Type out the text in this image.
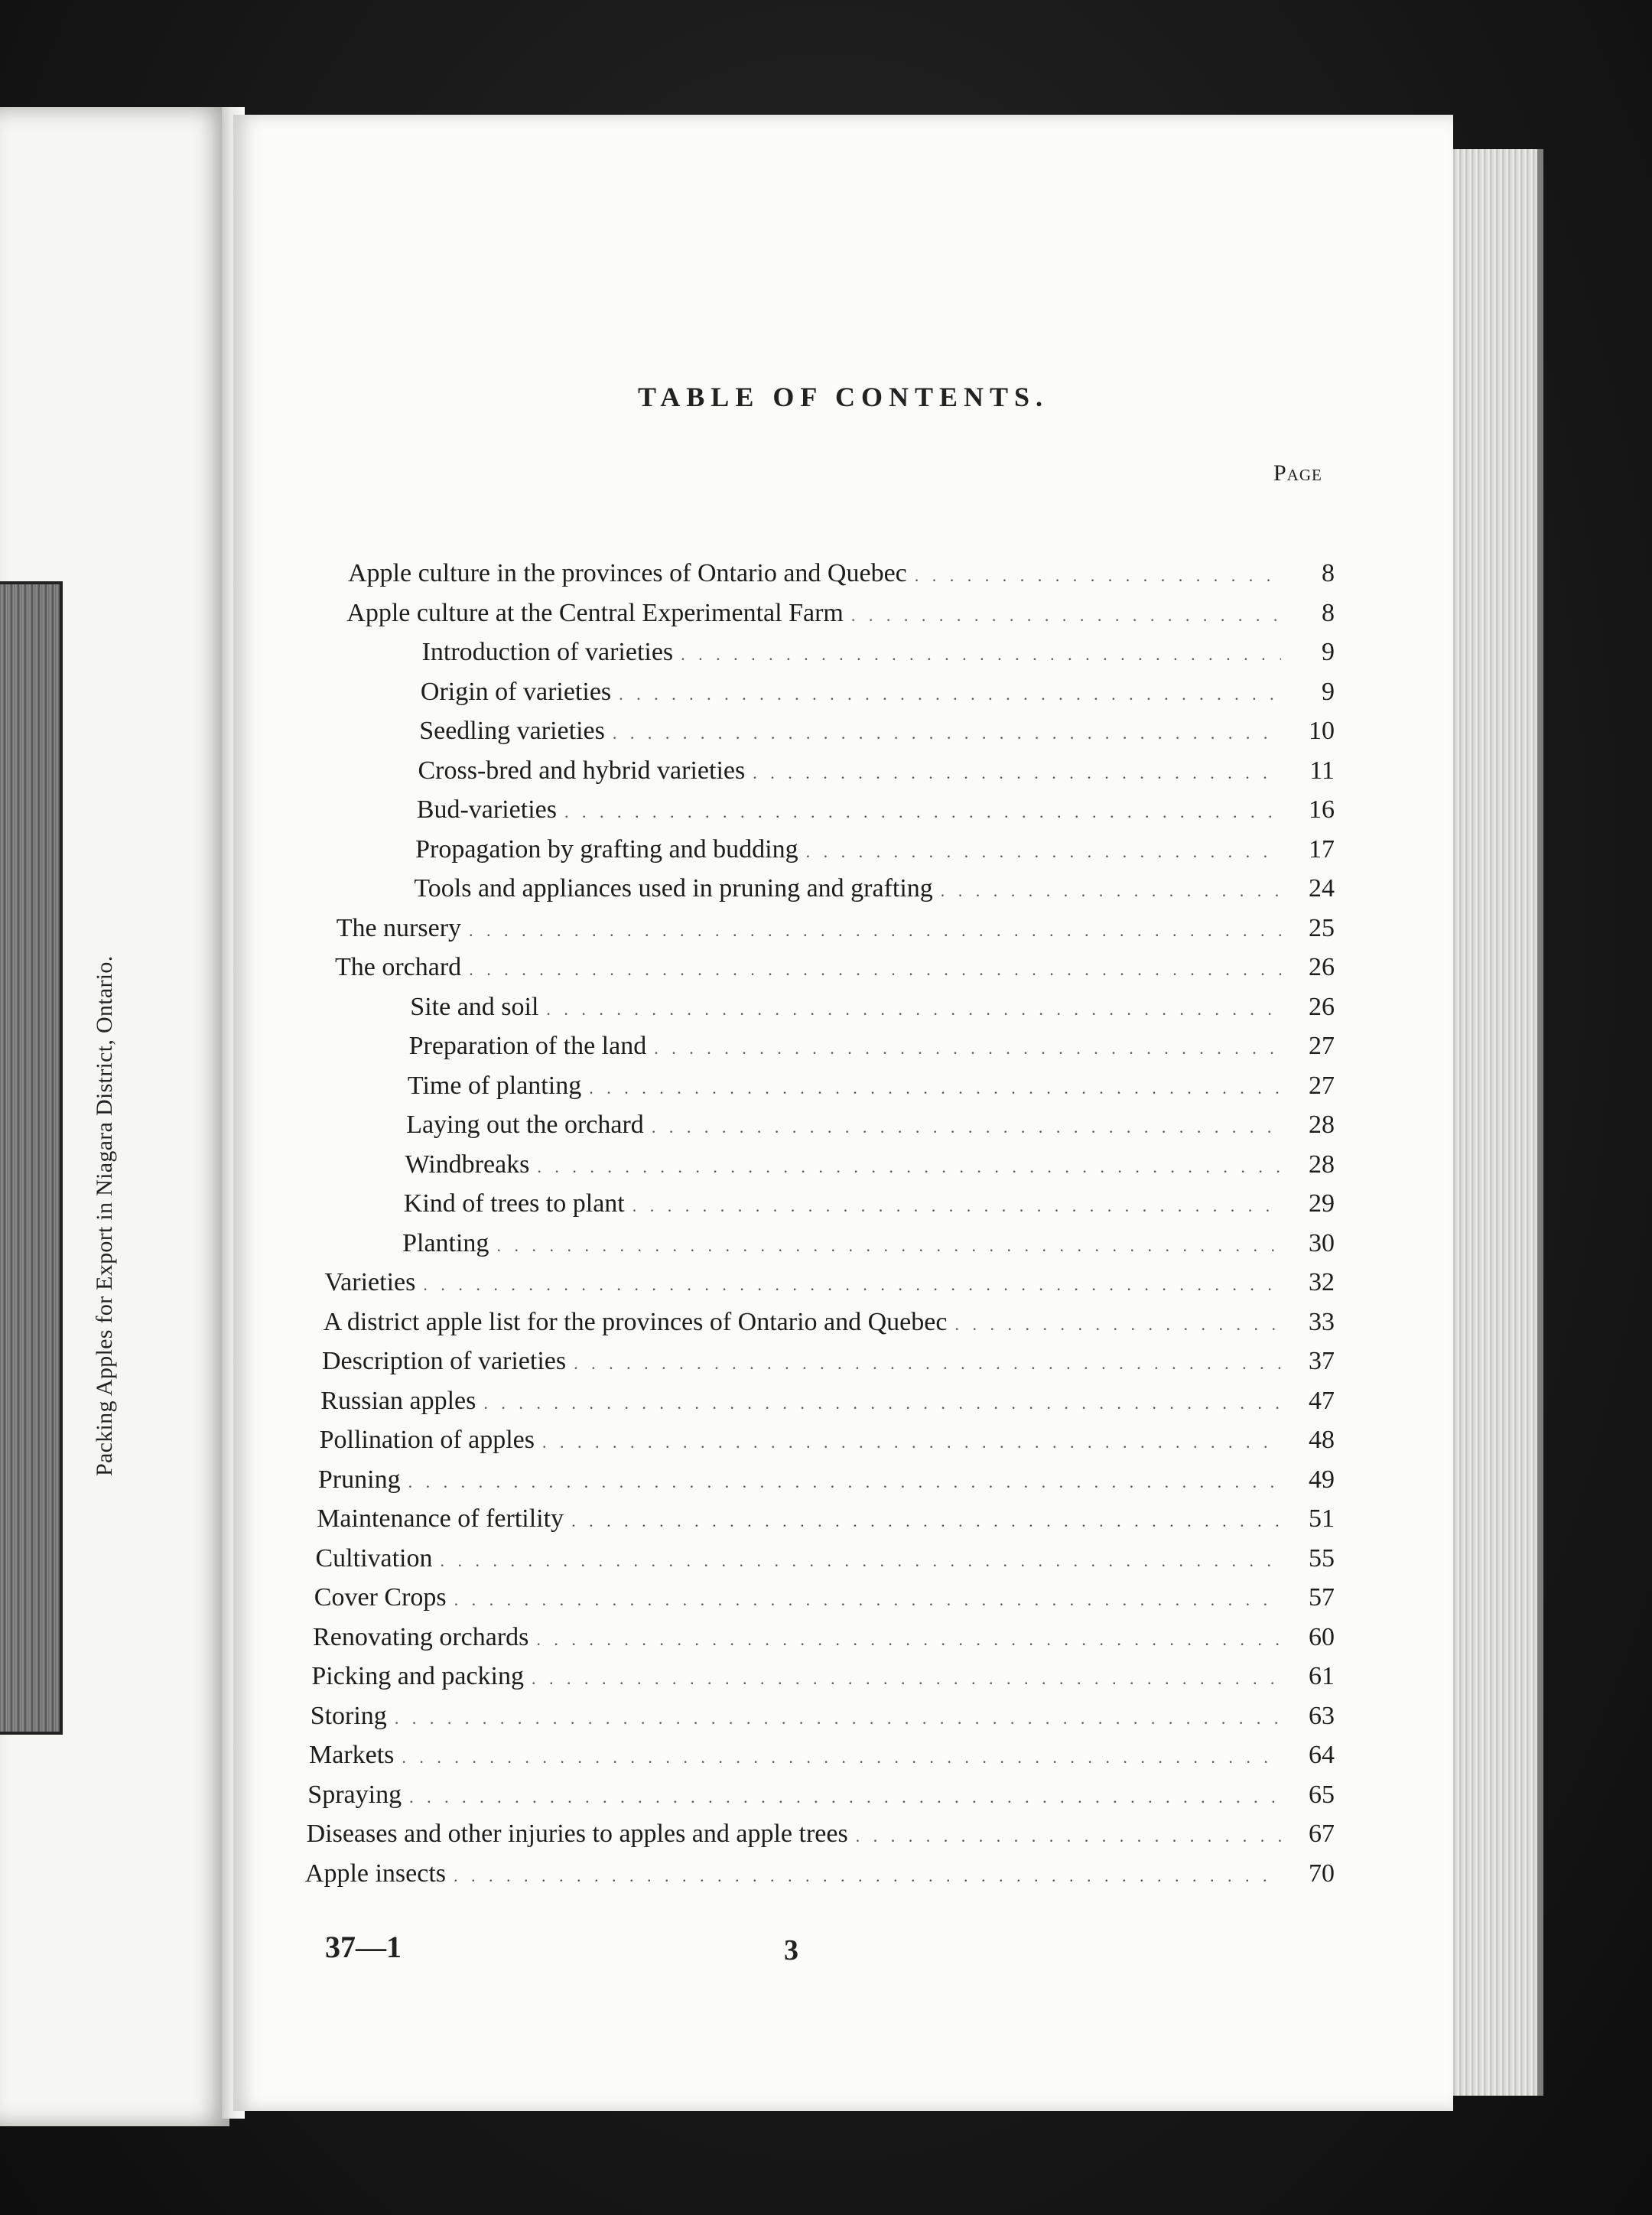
Packing Apples for Export in Niagara District, Ontario.
TABLE OF CONTENTS.
Page
Apple culture in the provinces of Ontario and Quebec . . .	8
Apple culture at the Central Experimental Farm . . .	8
Introduction of varieties . . .	9
Origin of varieties . . .	9
Seedling varieties . . .	10
Cross-bred and hybrid varieties . . .	11
Bud-varieties . . .	16
Propagation by grafting and budding . . .	17
Tools and appliances used in pruning and grafting . . .	24
The nursery . . .	25
The orchard . . .	26
Site and soil . . .	26
Preparation of the land . . .	27
Time of planting . . .	27
Laying out the orchard . . .	28
Windbreaks . . .	28
Kind of trees to plant . . .	29
Planting . . .	30
Varieties . . .	32
A district apple list for the provinces of Ontario and Quebec . . .	33
Description of varieties . . .	37
Russian apples . . .	47
Pollination of apples . . .	48
Pruning . . .	49
Maintenance of fertility . . .	51
Cultivation . . .	55
Cover Crops . . .	57
Renovating orchards . . .	60
Picking and packing . . .	61
Storing . . .	63
Markets . . .	64
Spraying . . .	65
Diseases and other injuries to apples and apple trees . . .	67
Apple insects . . .	70
37—1	3
